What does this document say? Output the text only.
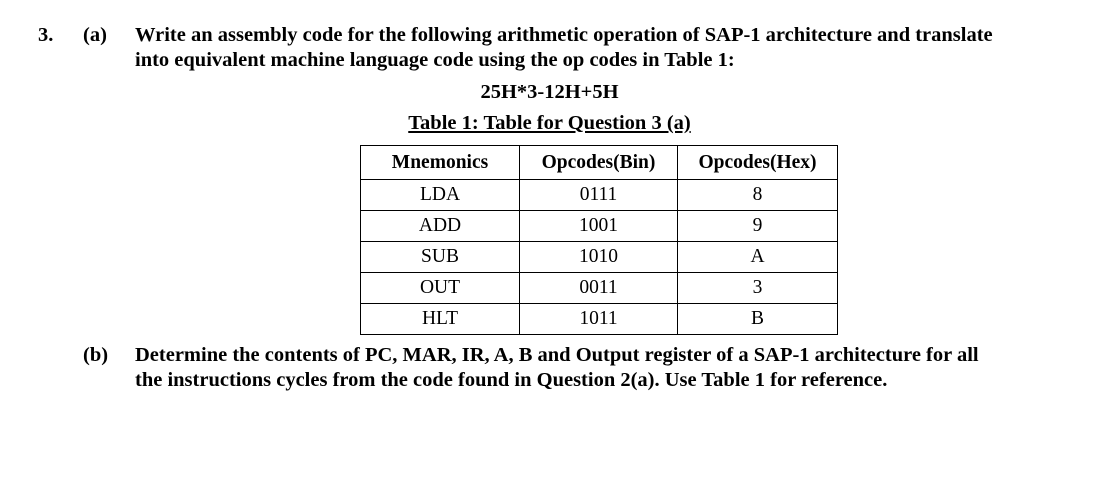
3. (a) Write an assembly code for the following arithmetic operation of SAP-1 architecture and translate
into equivalent machine language code using the op codes in Table 1:
25H*3-12H+5H
Table 1: Table for Question 3 (a)
Mnemonics	Opcodes(Bin)	Opcodes(Hex)
LDA	0111	8
ADD	1001	9
SUB	1010	A
OUT	0011	3
HLT	1011	B
(b) Determine the contents of PC, MAR, IR, A, B and Output register of a SAP-1 architecture for all
the instructions cycles from the code found in Question 2(a). Use Table 1 for reference.
